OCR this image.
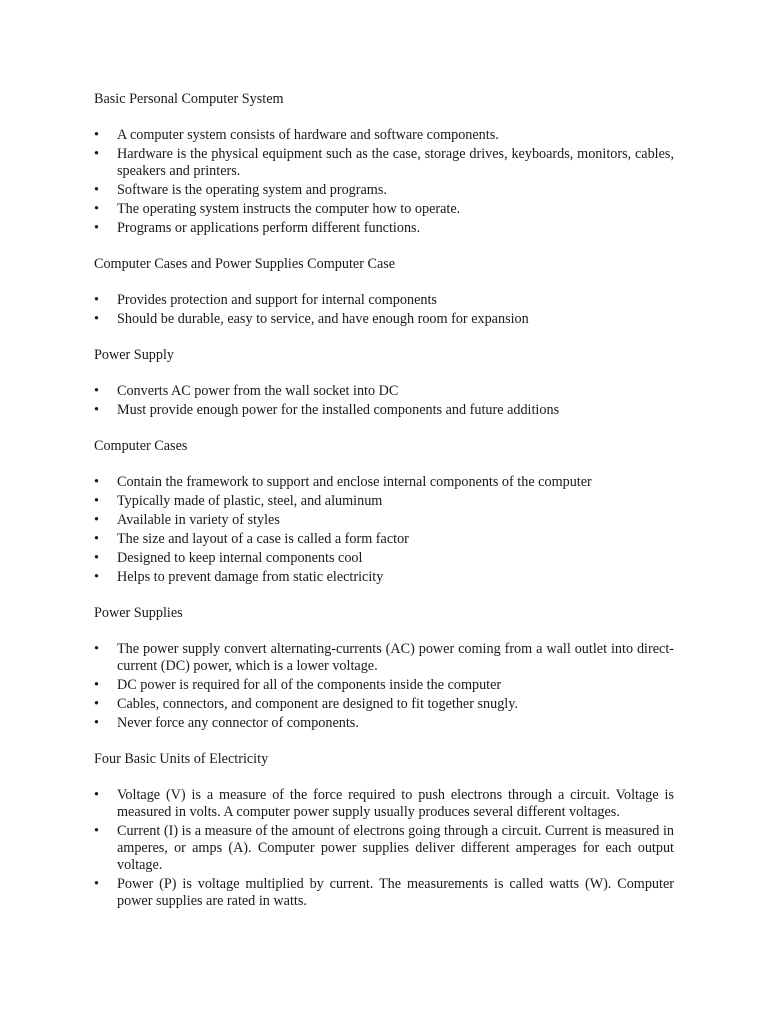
Basic Personal Computer System
•	A computer system consists of hardware and software components.
•	Hardware is the physical equipment such as the case, storage drives, keyboards, monitors, cables, speakers and printers.
•	Software is the operating system and programs.
•	The operating system instructs the computer how to operate.
•	Programs or applications perform different functions.
Computer Cases and Power Supplies Computer Case
•	Provides protection and support for internal components
•	Should be durable, easy to service, and have enough room for expansion
Power Supply
•	Converts AC power from the wall socket into DC
•	Must provide enough power for the installed components and future additions
Computer Cases
•	Contain the framework to support and enclose internal components of the computer
•	Typically made of plastic, steel, and aluminum
•	Available in variety of styles
•	The size and layout of a case is called a form factor
•	Designed to keep internal components cool
•	Helps to prevent damage from static electricity
Power Supplies
•	The power supply convert alternating-currents (AC) power coming from a wall outlet into direct-current (DC) power, which is a lower voltage.
•	DC power is required for all of the components inside the computer
•	Cables, connectors, and component are designed to fit together snugly.
•	Never force any connector of components.
Four Basic Units of Electricity
•	Voltage (V) is a measure of the force required to push electrons through a circuit. Voltage is measured in volts. A computer power supply usually produces several different voltages.
•	Current (I) is a measure of the amount of electrons going through a circuit. Current is measured in amperes, or amps (A). Computer power supplies deliver different amperages for each output voltage.
•	Power (P) is voltage multiplied by current. The measurements is called watts (W). Computer power supplies are rated in watts.
